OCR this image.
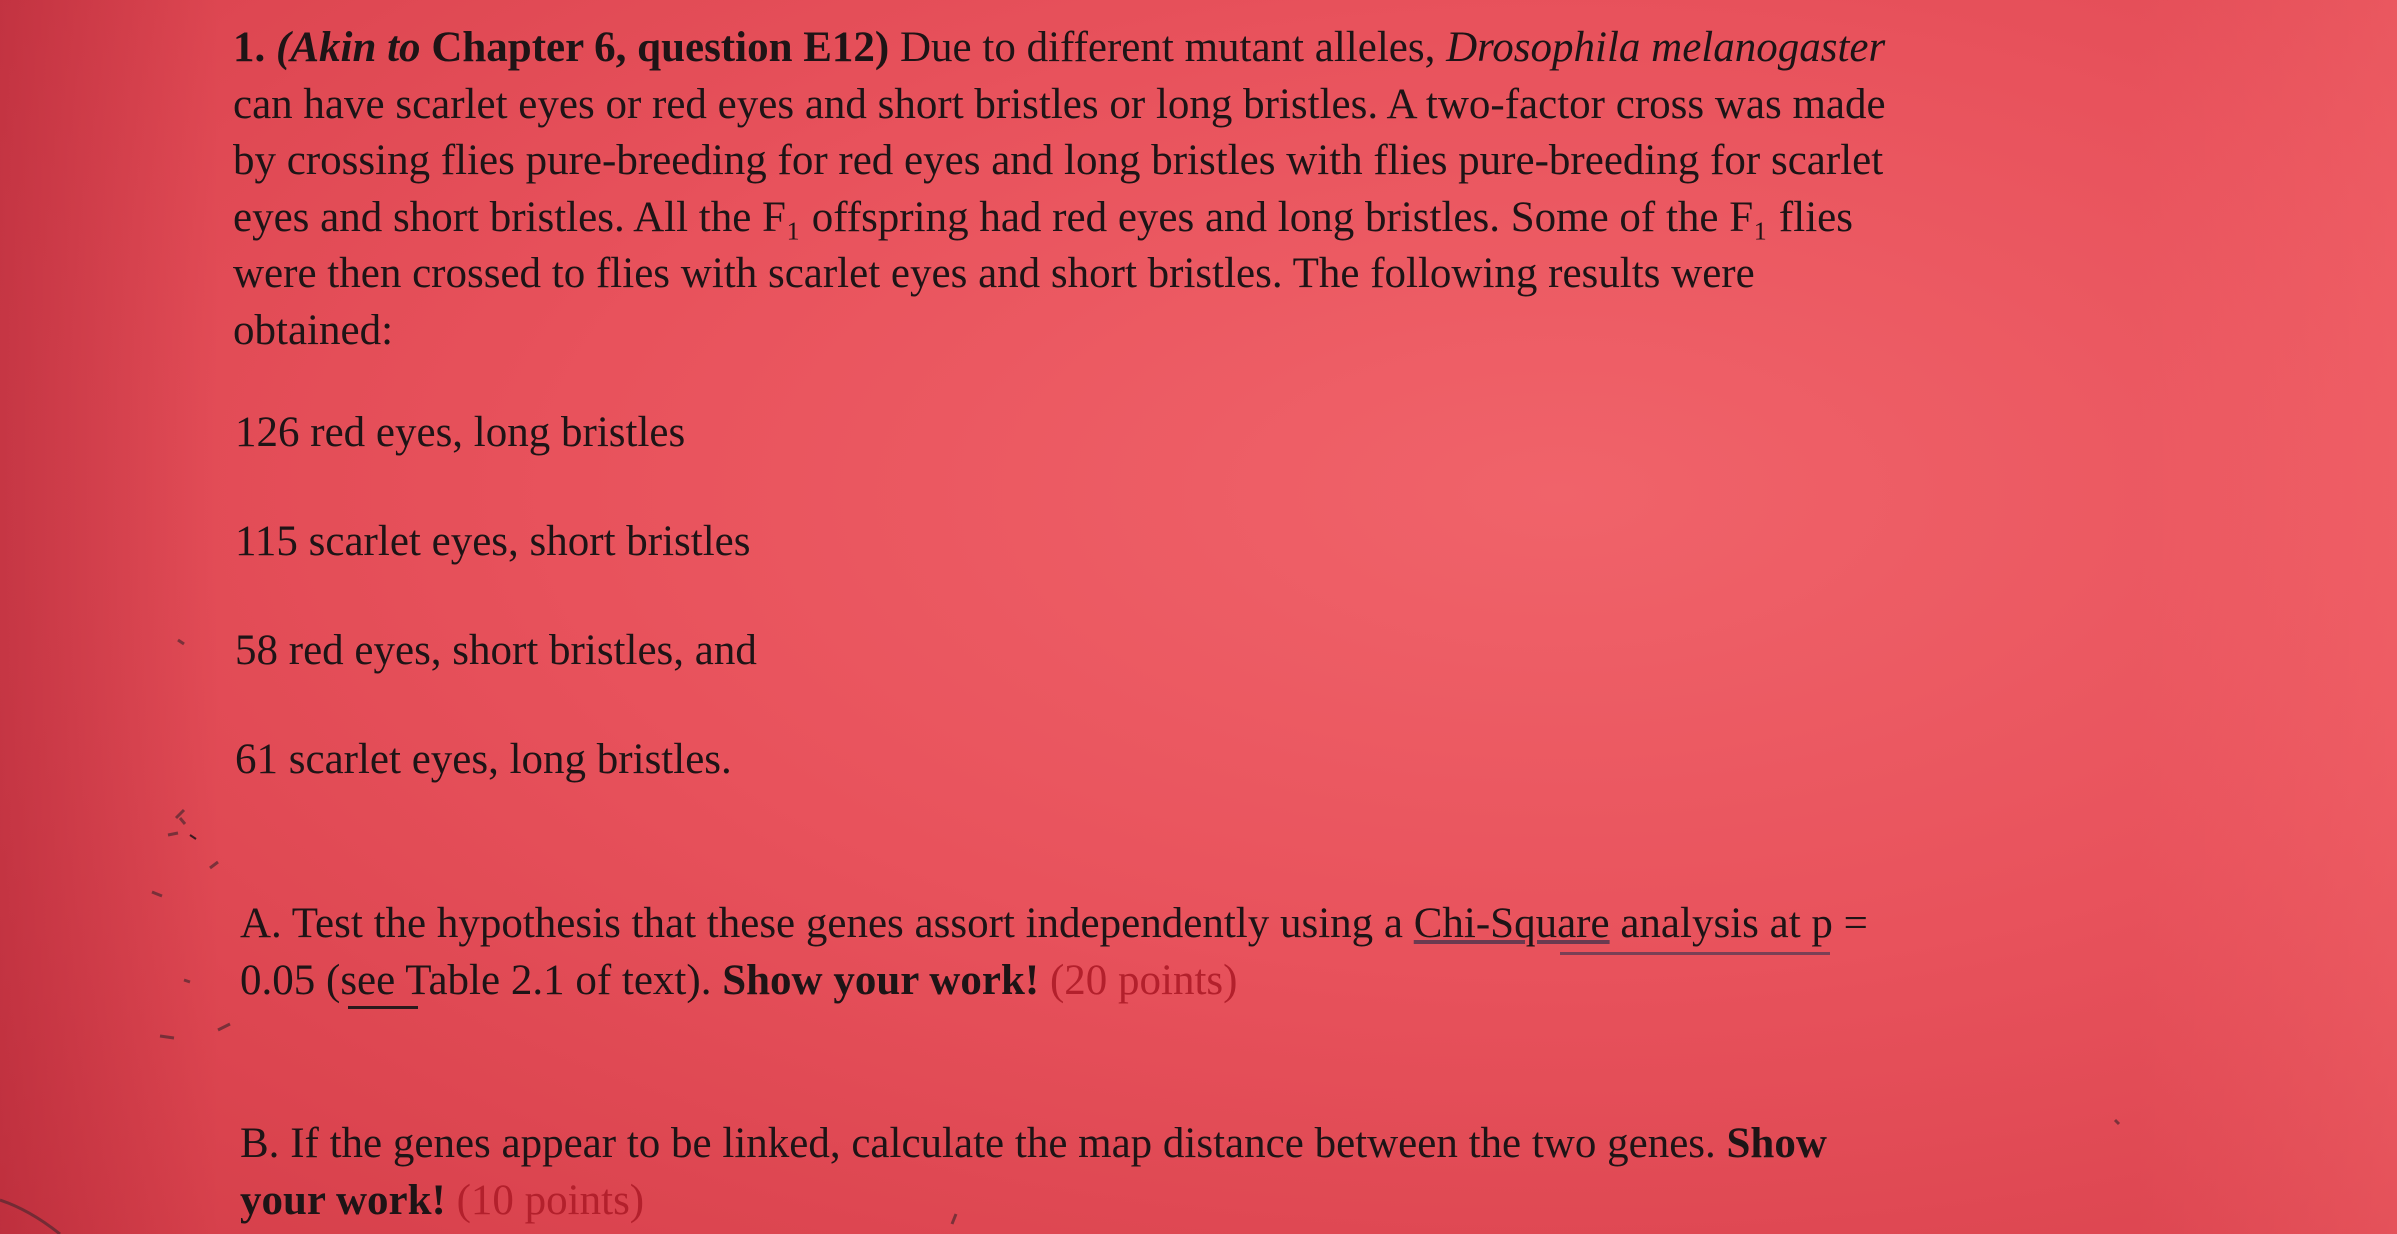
1. (Akin to Chapter 6, question E12) Due to different mutant alleles, Drosophila melanogaster
can have scarlet eyes or red eyes and short bristles or long bristles. A two-factor cross was made
by crossing flies pure-breeding for red eyes and long bristles with flies pure-breeding for scarlet
eyes and short bristles. All the F₁ offspring had red eyes and long bristles. Some of the F₁ flies
were then crossed to flies with scarlet eyes and short bristles. The following results were
obtained:

126 red eyes, long bristles

115 scarlet eyes, short bristles

58 red eyes, short bristles, and

61 scarlet eyes, long bristles.

A. Test the hypothesis that these genes assort independently using a Chi-Square analysis at p =
0.05 (see Table 2.1 of text). Show your work! (20 points)
B. If the genes appear to be linked, calculate the map distance between the two genes. Show
your work! (10 points)
